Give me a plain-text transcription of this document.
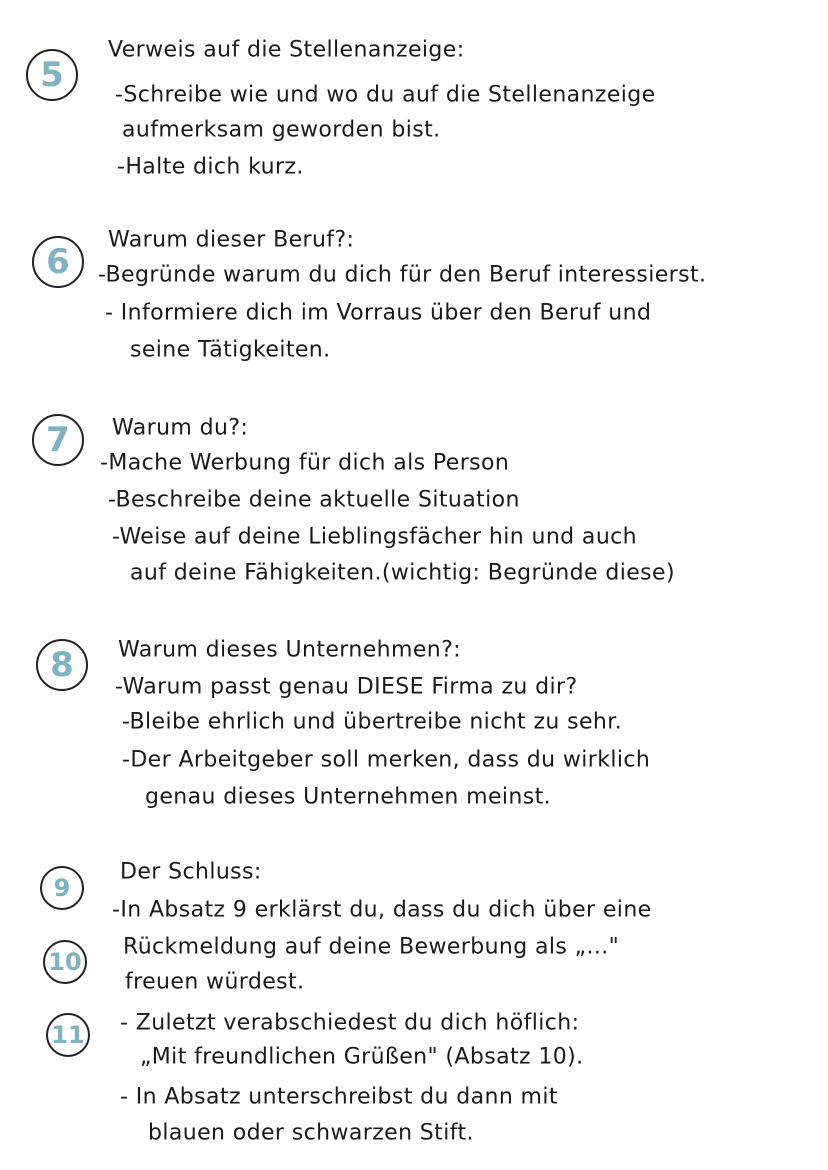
5
Verweis auf die Stellenanzeige:
-Schreibe wie und wo du auf die Stellenanzeige
aufmerksam geworden bist.
-Halte dich kurz.
6
Warum dieser Beruf?:
-Begründe warum du dich für den Beruf interessierst.
- Informiere dich im Vorraus über den Beruf und
seine Tätigkeiten.
7 Warum du?:
-Mache Werbung für dich als Person
-Beschreibe deine aktuelle Situation
-Weise auf deine Lieblingsfächer hin und auch
auf deine Fähigkeiten.(wichtig: Begründe diese)
8 Warum dieses Unternehmen?:
-Warum passt genau DIESE Firma zu dir?
-Bleibe ehrlich und übertreibe nicht zu sehr.
-Der Arbeitgeber soll merken, dass du wirklich
genau dieses Unternehmen meinst.
9
10
11
Der Schluss:
-In Absatz 9 erklärst du, dass du dich über eine
Rückmeldung auf deine Bewerbung als „..."
freuen würdest.
- Zuletzt verabschiedest du dich höflich:
„Mit freundlichen Grüßen" (Absatz 10).
- In Absatz unterschreibst du dann mit
blauen oder schwarzen Stift.
